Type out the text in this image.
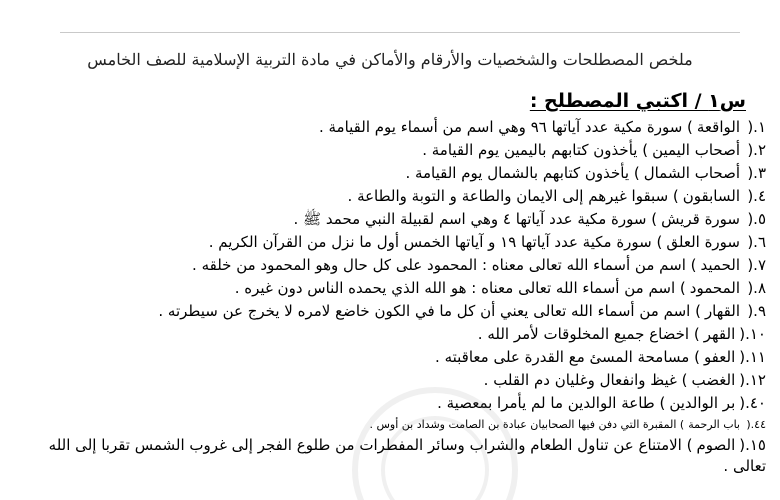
ملخص المصطلحات والشخصيات والأرقام والأماكن في مادة التربية الإسلامية للصف الخامس
س١ / اكتبي المصطلح :
١.(الواقعة) سورة مكية عدد آياتها ٩٦ وهي اسم من أسماء يوم القيامة .
٢.(أصحاب اليمين) يأخذون كتابهم باليمين يوم القيامة .
٣.(أصحاب الشمال) يأخذون كتابهم بالشمال يوم القيامة .
٤.(السابقون) سبقوا غيرهم إلى الايمان والطاعة و التوبة والطاعة .
٥.(سورة قريش) سورة مكية عدد آياتها ٤ وهي اسم لقبيلة النبي محمد ﷺ .
٦.(سورة العلق) سورة مكية عدد آياتها ١٩ و آياتها الخمس أول ما نزل من القرآن الكريم .
٧.(الحميد) اسم من أسماء الله تعالى معناه : المحمود على كل حال وهو المحمود من خلقه .
٨.(المحمود) اسم من أسماء الله تعالى معناه : هو الله الذي يحمده الناس دون غيره .
٩.(القهار) اسم من أسماء الله تعالى يعني أن كل ما في الكون خاضع لامره لا يخرج عن سيطرته .
١٠.(القهر) اخضاع جميع المخلوقات لأمر الله .
١١.(العفو) مسامحة المسئ مع القدرة على معاقبته .
١٢.(الغضب) غيظ وانفعال وغليان دم القلب .
٤٠.(بر الوالدين) طاعة الوالدين ما لم يأمرا بمعصية .
٤٤.(باب الرحمة) المقبرة التي دفن فيها الصحابيان عبادة بن الصامت وشداد بن أوس .
١٥.(الصوم) الامتناع عن تناول الطعام والشراب وسائر المفطرات من طلوع الفجر إلى غروب الشمس تقربا إلى الله تعالى .
